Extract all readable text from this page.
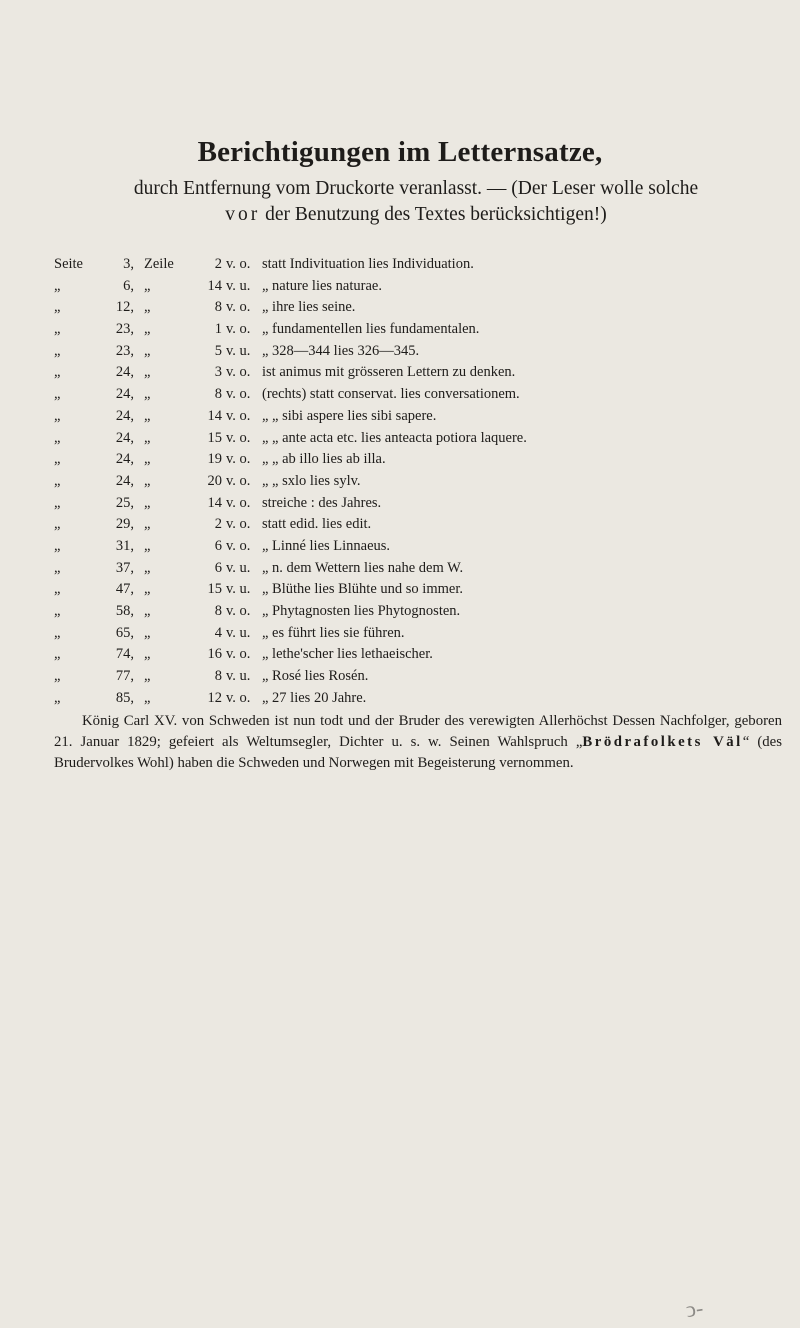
Berichtigungen im Letternsatze,
durch Entfernung vom Druckorte veranlasst. — (Der Leser wolle solche
vor der Benutzung des Textes berücksichtigen!)
Seite	3, Zeile	2 v. o. statt Indivituation lies Individuation.
„	6, „	14 v. u. „ nature lies naturae.
„	12, „	8 v. o. „ ihre lies seine.
„	23, „	1 v. o. „ fundamentellen lies fundamentalen.
„	23, „	5 v. u. „ 328—344 lies 326—345.
„	24, „	3 v. o. ist animus mit grösseren Lettern zu denken.
„	24, „	8 v. o. (rechts) statt conservat. lies conversationem.
„	24, „	14 v. o. „ „ sibi aspere lies sibi sapere.
„	24, „	15 v. o. „ „ ante acta etc. lies anteacta potiora laquere.
„	24, „	19 v. o. „ „ ab illo lies ab illa.
„	24, „	20 v. o. „ „ sxlo lies sylv.
„	25, „	14 v. o. streiche : des Jahres.
„	29, „	2 v. o. statt edid. lies edit.
„	31, „	6 v. o. „ Linné lies Linnaeus.
„	37, „	6 v. u. „ n. dem Wettern lies nahe dem W.
„	47, „	15 v. u. „ Blüthe lies Blühte und so immer.
„	58, „	8 v. o. „ Phytagnosten lies Phytognosten.
„	65, „	4 v. u. „ es führt lies sie führen.
„	74, „	16 v. o. „ lethe'scher lies lethaeischer.
„	77, „	8 v. u. „ Rosé lies Rosén.
„	85, „	12 v. o. „ 27 lies 20 Jahre.

König Carl XV. von Schweden ist nun todt und der Bruder des verewigten Allerhöchst Dessen Nachfolger, geboren 21. Januar 1829; gefeiert als Weltumsegler, Dichter u. s. w. Seinen Wahlspruch „Brödrafolkets Väl“ (des Brudervolkes Wohl) haben die Schweden und Norwegen mit Begeisterung vernommen.

ↄ-
